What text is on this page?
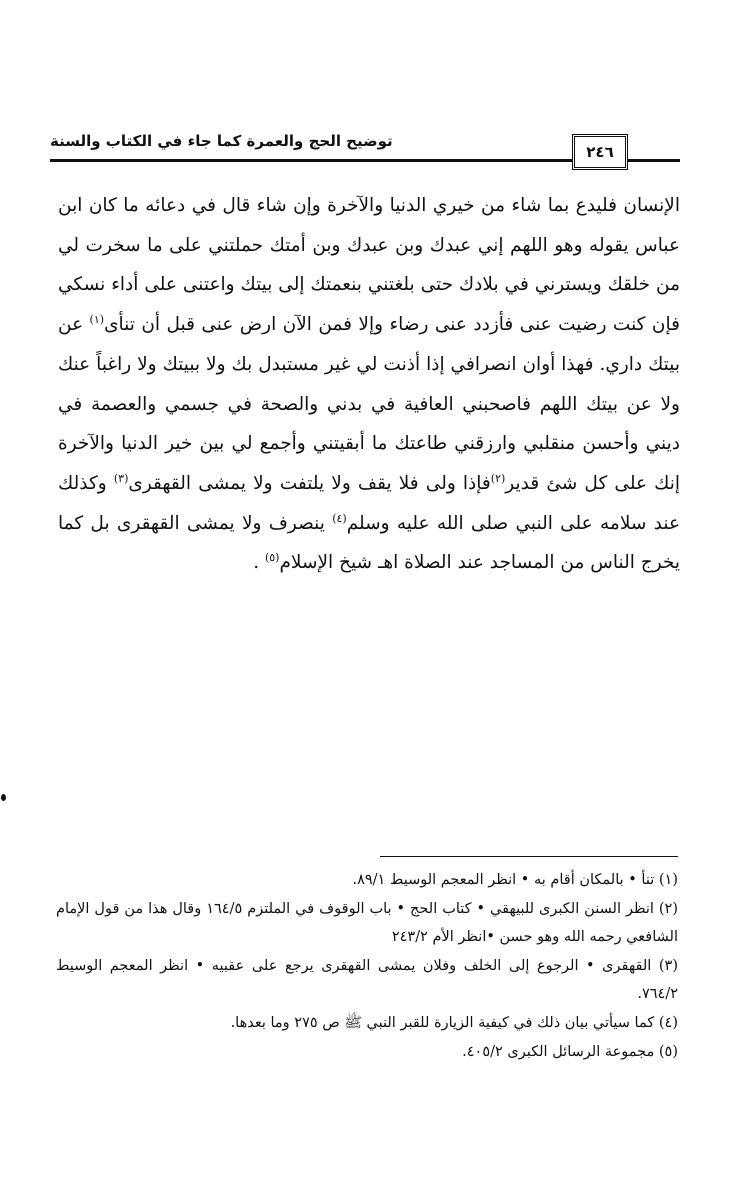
توضيح الحج والعمرة كما جاء في الكتاب والسنة
٢٤٦

الإنسان فليدع بما شاء من خيري الدنيا والآخرة وإن شاء قال في دعائه ما كان ابن عباس يقوله وهو اللهم إني عبدك وبن عبدك وبن أمتك حملتني على ما سخرت لي من خلقك ويسترني في بلادك حتى بلغتني بنعمتك إلى بيتك واعتنى على أداء نسكي فإن كنت رضيت عنى فأزدد عنى رضاء وإلا فمن الآن ارض عنى قبل أن تنأى$^{(١)}$ عن بيتك داري. فهذا أوان انصرافي إذا أذنت لي غير مستبدل بك ولا ببيتك ولا راغباً عنك ولا عن بيتك اللهم فاصحبني العافية في بدني والصحة في جسمي والعصمة في ديني وأحسن منقلبي وارزقني طاعتك ما أبقيتني وأجمع لي بين خير الدنيا والآخرة إنك على كل شئ قدير$^{(٢)}$فإذا ولى فلا يقف ولا يلتفت ولا يمشى القهقرى$^{(٣)}$ وكذلك عند سلامه على النبي صلى الله عليه وسلم$^{(٤)}$ ينصرف ولا يمشى القهقرى بل كما يخرج الناس من المساجد عند الصلاة اهـ شيخ الإسلام$^{(٥)}$ .

(١) تنأ • بالمكان أقام به • انظر المعجم الوسيط ٨٩/١.

(٢) انظر السنن الكبرى للبيهقي • كتاب الحج • باب الوقوف في الملتزم ١٦٤/٥ وقال هذا من قول الإمام الشافعي رحمه الله وهو حسن •انظر الأم ٢٤٣/٢

(٣) القهقرى • الرجوع إلى الخلف وفلان يمشى القهقرى يرجع على عقبيه • انظر المعجم الوسيط ٧٦٤/٢.

(٤) كما سيأتي بيان ذلك في كيفية الزيارة للقبر النبي ﷺ ص ٢٧٥ وما بعدها.

(٥) مجموعة الرسائل الكبرى ٤٠٥/٢.
